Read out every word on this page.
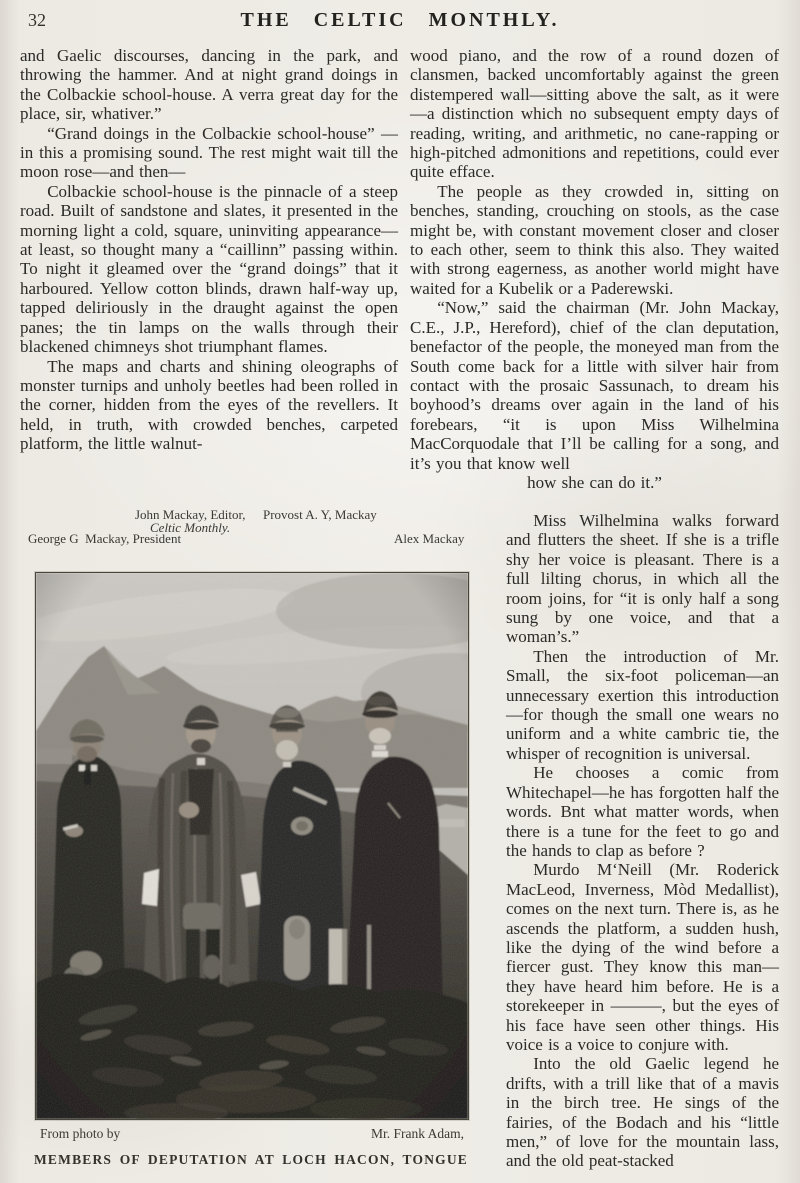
32	THE CELTIC MONTHLY.

and Gaelic discourses, dancing in the park, and throwing the hammer. And at night grand doings in the Colbackie school-house. A verra great day for the place, sir, whativer.”

“Grand doings in the Colbackie school-house” —in this a promising sound. The rest might wait till the moon rose—and then—

Colbackie school-house is the pinnacle of a steep road. Built of sandstone and slates, it presented in the morning light a cold, square, uninviting appearance—at least, so thought many a “caillinn” passing within. To night it gleamed over the “grand doings” that it harboured. Yellow cotton blinds, drawn half-way up, tapped deliriously in the draught against the open panes; the tin lamps on the walls through their blackened chimneys shot triumphant flames.

The maps and charts and shining oleographs of monster turnips and unholy beetles had been rolled in the corner, hidden from the eyes of the revellers. It held, in truth, with crowded benches, carpeted platform, the little walnut-

wood piano, and the row of a round dozen of clansmen, backed uncomfortably against the green distempered wall—sitting above the salt, as it were—a distinction which no subsequent empty days of reading, writing, and arithmetic, no cane-rapping or high-pitched admonitions and repetitions, could ever quite efface.

The people as they crowded in, sitting on benches, standing, crouching on stools, as the case might be, with constant movement closer and closer to each other, seem to think this also. They waited with strong eagerness, as another world might have waited for a Kubelik or a Paderewski.

“Now,” said the chairman (Mr. John Mackay, C.E., J.P., Hereford), chief of the clan deputation, benefactor of the people, the moneyed man from the South come back for a little with silver hair from contact with the prosaic Sassunach, to dream his boyhood’s dreams over again in the land of his forebears, “it is upon Miss Wilhelmina MacCorquodale that I’ll be calling for a song, and it’s you that know well

how she can do it.”

Miss Wilhelmina walks forward and flutters the sheet. If she is a trifle shy her voice is pleasant. There is a full lilting chorus, in which all the room joins, for “it is only half a song sung by one voice, and that a woman’s.”

Then the introduction of Mr. Small, the six-foot policeman—an unnecessary exertion this introduction—for though the small one wears no uniform and a white cambric tie, the whisper of recognition is universal.

He chooses a comic from Whitechapel—he has forgotten half the words. Bnt what matter words, when there is a tune for the feet to go and the hands to clap as before ?

Murdo M‘Neill (Mr. Roderick MacLeod, Inverness, Mòd Medallist), comes on the next turn. There is, as he ascends the platform, a sudden hush, like the dying of the wind before a fiercer gust. They know this man—they have heard him before. He is a storekeeper in ———, but the eyes of his face have seen other things. His voice is a voice to conjure with.

Into the old Gaelic legend he drifts, with a trill like that of a mavis in the birch tree. He sings of the fairies, of the Bodach and his “little men,” of love for the mountain lass, and the old peat-stacked

John Mackay, Editor, Provost A. Y, Mackay
Celtic Monthly.
George G  Mackay, President	Alex Mackay
From photo by	Mr. Frank Adam,
MEMBERS OF DEPUTATION AT LOCH HACON, TONGUE
